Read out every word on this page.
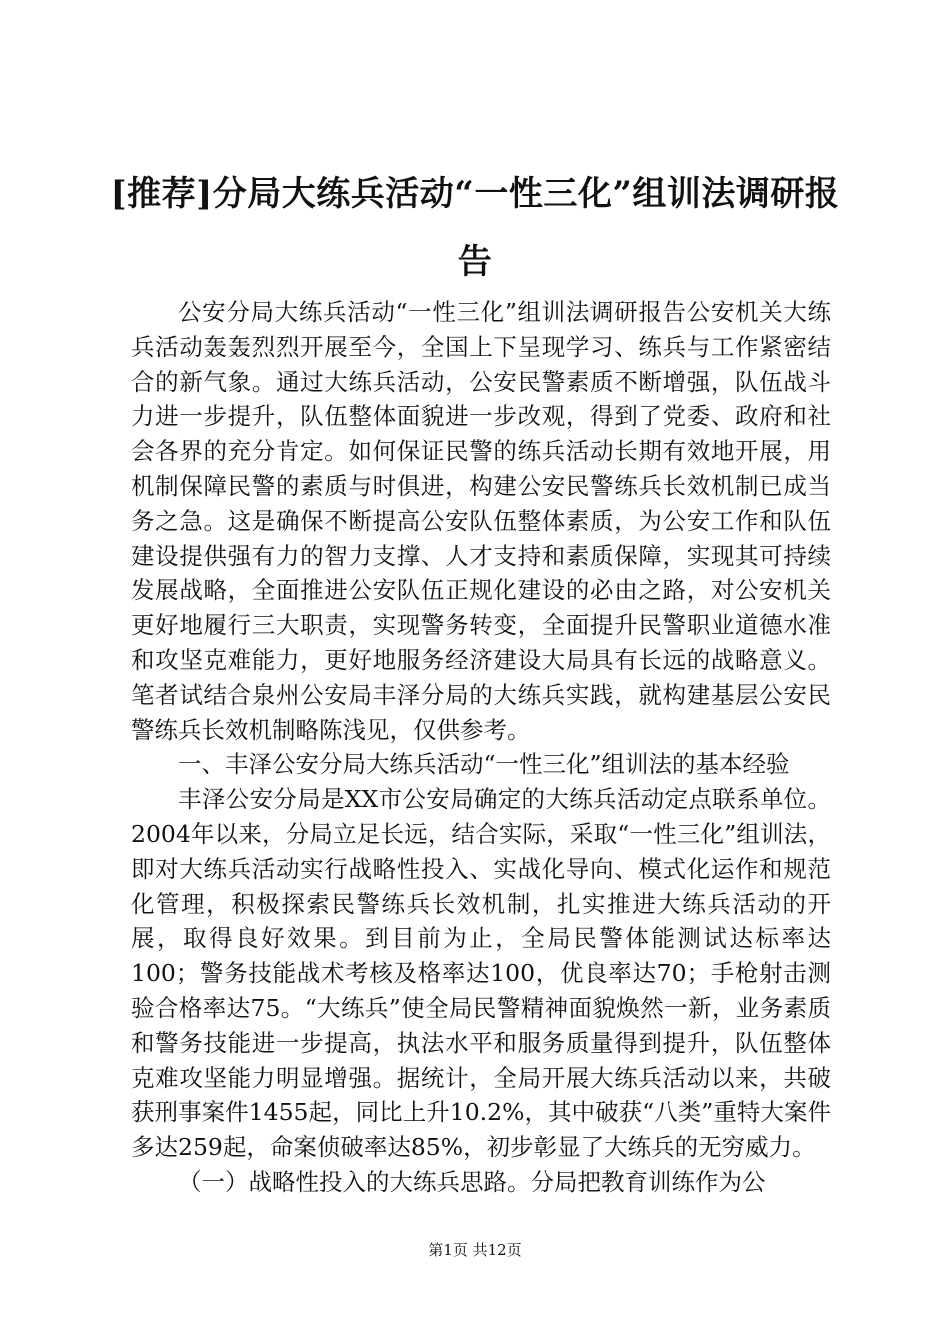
[推荐]分局大练兵活动“一性三化”组训法调研报告

公安分局大练兵活动“一性三化”组训法调研报告公安机关大练兵活动轰轰烈烈开展至今，全国上下呈现学习、练兵与工作紧密结合的新气象。通过大练兵活动，公安民警素质不断增强，队伍战斗力进一步提升，队伍整体面貌进一步改观，得到了党委、政府和社会各界的充分肯定。如何保证民警的练兵活动长期有效地开展，用机制保障民警的素质与时俱进，构建公安民警练兵长效机制已成当务之急。这是确保不断提高公安队伍整体素质，为公安工作和队伍建设提供强有力的智力支撑、人才支持和素质保障，实现其可持续发展战略，全面推进公安队伍正规化建设的必由之路，对公安机关更好地履行三大职责，实现警务转变，全面提升民警职业道德水准和攻坚克难能力，更好地服务经济建设大局具有长远的战略意义。笔者试结合泉州公安局丰泽分局的大练兵实践，就构建基层公安民警练兵长效机制略陈浅见，仅供参考。

一、丰泽公安分局大练兵活动“一性三化”组训法的基本经验

丰泽公安分局是XX市公安局确定的大练兵活动定点联系单位。2004年以来，分局立足长远，结合实际，采取“一性三化”组训法，即对大练兵活动实行战略性投入、实战化导向、模式化运作和规范化管理，积极探索民警练兵长效机制，扎实推进大练兵活动的开展，取得良好效果。到目前为止，全局民警体能测试达标率达100；警务技能战术考核及格率达100，优良率达70；手枪射击测验合格率达75。“大练兵”使全局民警精神面貌焕然一新，业务素质和警务技能进一步提高，执法水平和服务质量得到提升，队伍整体克难攻坚能力明显增强。据统计，全局开展大练兵活动以来，共破获刑事案件1455起，同比上升10.2%，其中破获“八类”重特大案件多达259起，命案侦破率达85%，初步彰显了大练兵的无穷威力。

（一）战略性投入的大练兵思路。分局把教育训练作为公

第1页 共12页
